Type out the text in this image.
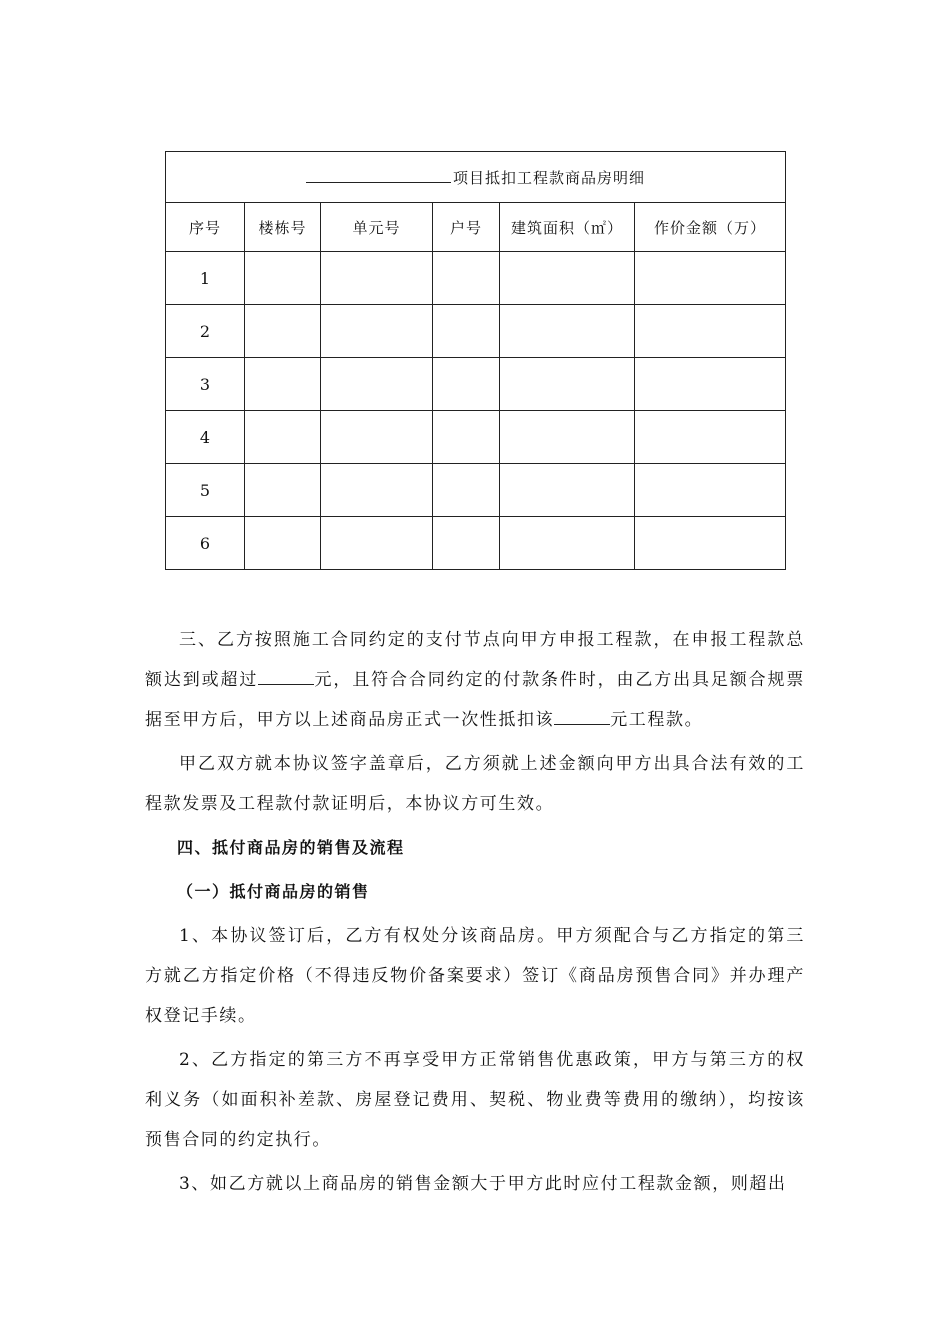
项目抵扣工程款商品房明细					
序号	楼栋号	单元号	户号	建筑面积（㎡）	作价金额（万）
1					
2					
3					
4					
5					
6					

三、乙方按照施工合同约定的支付节点向甲方申报工程款，在申报工程款总额达到或超过	元，且符合合同约定的付款条件时，由乙方出具足额合规票据至甲方后，甲方以上述商品房正式一次性抵扣该	元工程款。

甲乙双方就本协议签字盖章后，乙方须就上述金额向甲方出具合法有效的工程款发票及工程款付款证明后，本协议方可生效。

四、抵付商品房的销售及流程

（一）抵付商品房的销售

1、本协议签订后，乙方有权处分该商品房。甲方须配合与乙方指定的第三方就乙方指定价格（不得违反物价备案要求）签订《商品房预售合同》并办理产权登记手续。

2、乙方指定的第三方不再享受甲方正常销售优惠政策，甲方与第三方的权利义务（如面积补差款、房屋登记费用、契税、物业费等费用的缴纳），均按该预售合同的约定执行。

3、如乙方就以上商品房的销售金额大于甲方此时应付工程款金额，则超出
